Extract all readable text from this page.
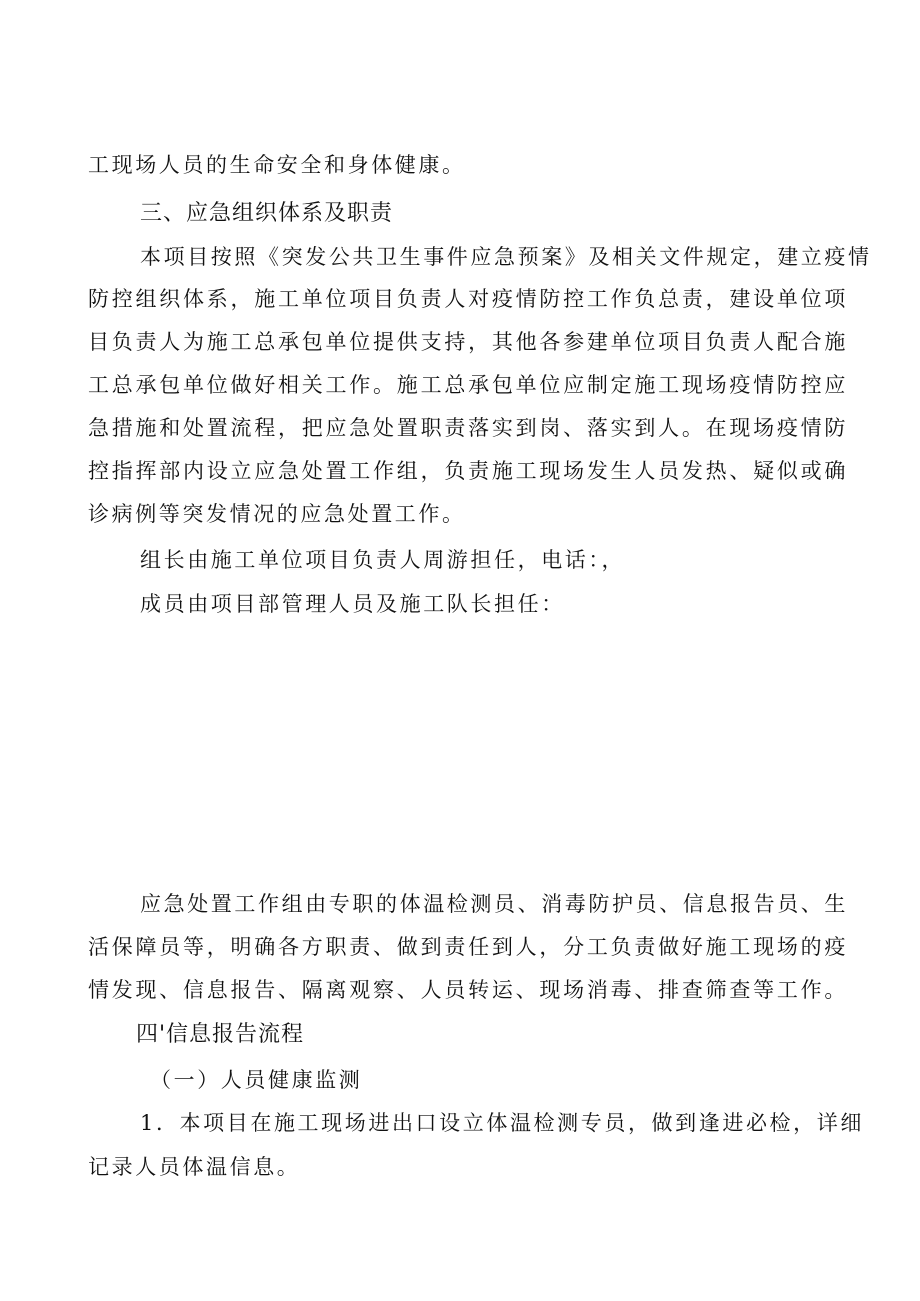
工现场人员的生命安全和身体健康。
三、应急组织体系及职责
本项目按照《突发公共卫生事件应急预案》及相关文件规定，建立疫情
防控组织体系，施工单位项目负责人对疫情防控工作负总责，建设单位项
目负责人为施工总承包单位提供支持，其他各参建单位项目负责人配合施
工总承包单位做好相关工作。施工总承包单位应制定施工现场疫情防控应
急措施和处置流程，把应急处置职责落实到岗、落实到人。在现场疫情防
控指挥部内设立应急处置工作组，负责施工现场发生人员发热、疑似或确
诊病例等突发情况的应急处置工作。
组长由施工单位项目负责人周游担任，电话：，
成员由项目部管理人员及施工队长担任：
应急处置工作组由专职的体温检测员、消毒防护员、信息报告员、生
活保障员等，明确各方职责、做到责任到人，分工负责做好施工现场的疫
情发现、信息报告、隔离观察、人员转运、现场消毒、排查筛查等工作。
四'信息报告流程
（一）人员健康监测
1．本项目在施工现场进出口设立体温检测专员，做到逢进必检，详细
记录人员体温信息。
